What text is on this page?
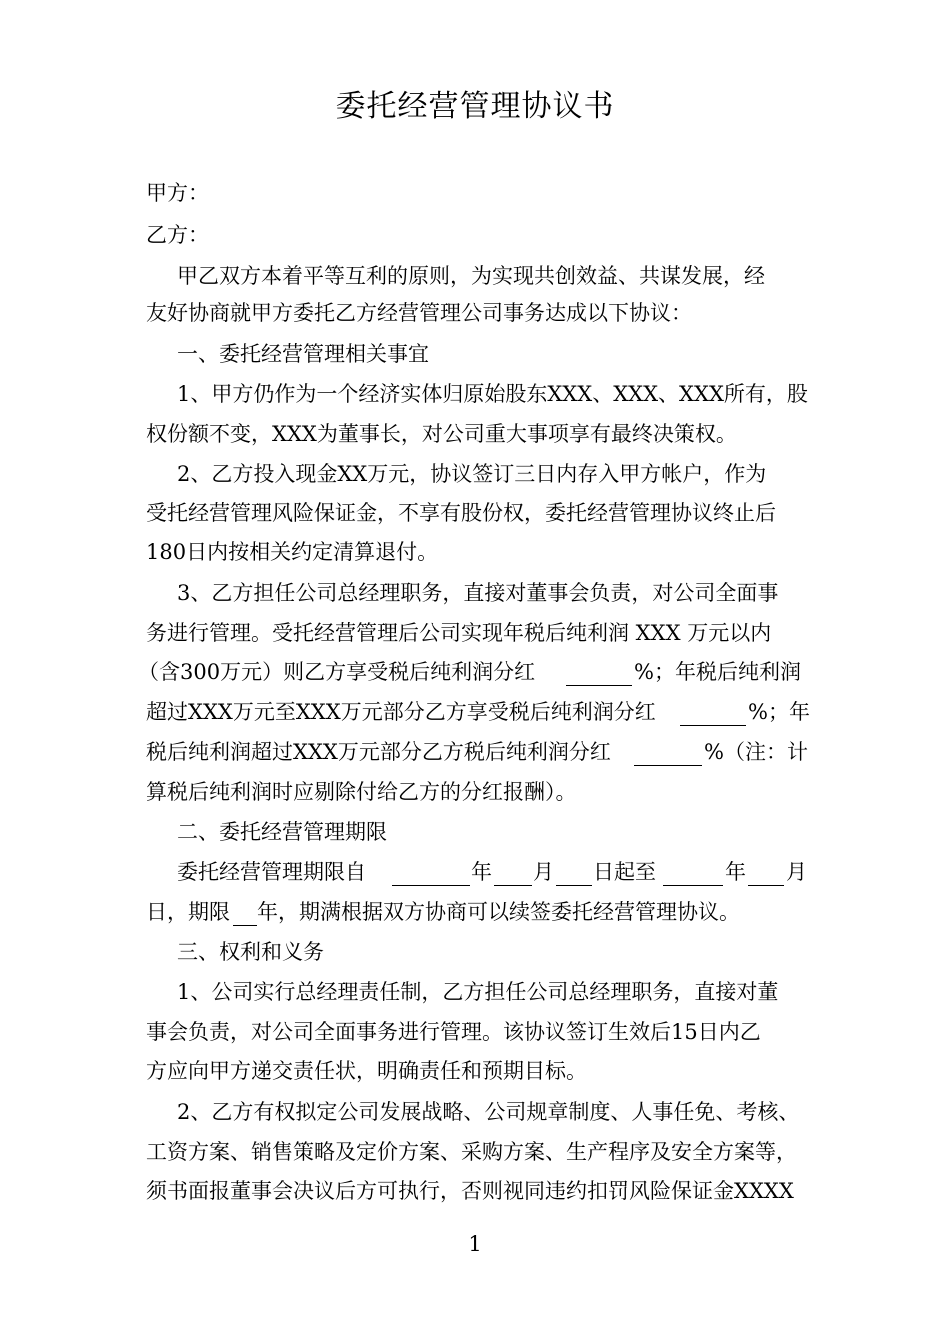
委托经营管理协议书
甲方：
乙方：
甲乙双方本着平等互利的原则，为实现共创效益、共谋发展，经
友好协商就甲方委托乙方经营管理公司事务达成以下协议：
一、委托经营管理相关事宜
1、甲方仍作为一个经济实体归原始股东XXX、XXX、XXX所有，股
权份额不变，XXX为董事长，对公司重大事项享有最终决策权。
2、乙方投入现金XX万元，协议签订三日内存入甲方帐户，作为
受托经营管理风险保证金，不享有股份权，委托经营管理协议终止后
180日内按相关约定清算退付。
3、乙方担任公司总经理职务，直接对董事会负责，对公司全面事
务进行管理。受托经营管理后公司实现年税后纯利润 XXX 万元以内
（含300万元）则乙方享受税后纯利润分红	%；年税后纯利润
超过XXX万元至XXX万元部分乙方享受税后纯利润分红	%；年
税后纯利润超过XXX万元部分乙方税后纯利润分红	%（注：计
算税后纯利润时应剔除付给乙方的分红报酬）。
二、委托经营管理期限
委托经营管理期限自	年 月 日起至	年 月
日，期限 年，期满根据双方协商可以续签委托经营管理协议。
三、权利和义务
1、公司实行总经理责任制，乙方担任公司总经理职务，直接对董
事会负责，对公司全面事务进行管理。该协议签订生效后15日内乙
方应向甲方递交责任状，明确责任和预期目标。
2、乙方有权拟定公司发展战略、公司规章制度、人事任免、考核、
工资方案、销售策略及定价方案、采购方案、生产程序及安全方案等，
须书面报董事会决议后方可执行，否则视同违约扣罚风险保证金XXXX
1
